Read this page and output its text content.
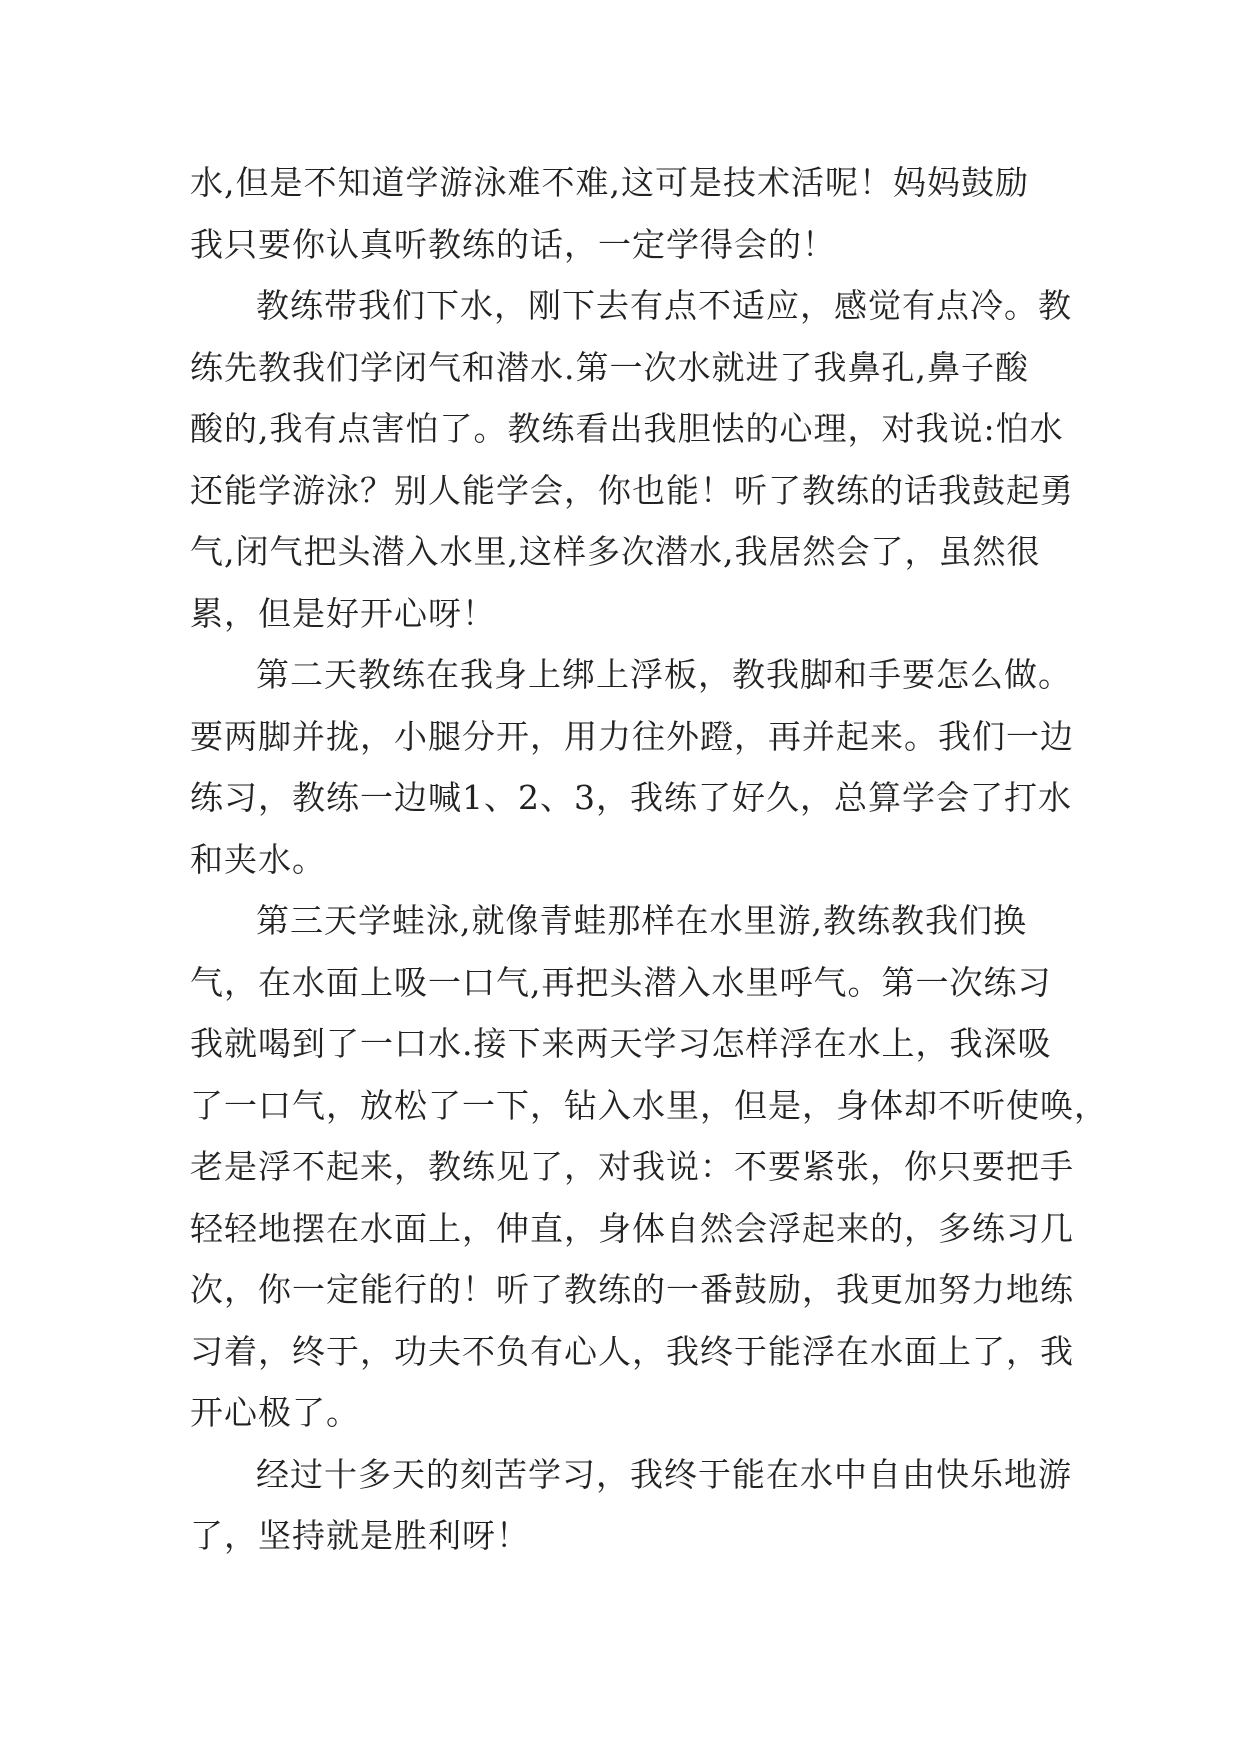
水,但是不知道学游泳难不难,这可是技术活呢！妈妈鼓励
我只要你认真听教练的话，一定学得会的！
教练带我们下水，刚下去有点不适应，感觉有点冷。教
练先教我们学闭气和潜水.第一次水就进了我鼻孔,鼻子酸
酸的,我有点害怕了。教练看出我胆怯的心理，对我说:怕水
还能学游泳？别人能学会，你也能！听了教练的话我鼓起勇
气,闭气把头潜入水里,这样多次潜水,我居然会了，虽然很
累，但是好开心呀！
第二天教练在我身上绑上浮板，教我脚和手要怎么做。
要两脚并拢，小腿分开，用力往外蹬，再并起来。我们一边
练习，教练一边喊1、2、3，我练了好久，总算学会了打水
和夹水。
第三天学蛙泳,就像青蛙那样在水里游,教练教我们换
气，在水面上吸一口气,再把头潜入水里呼气。第一次练习
我就喝到了一口水.接下来两天学习怎样浮在水上，我深吸
了一口气，放松了一下，钻入水里，但是，身体却不听使唤，
老是浮不起来，教练见了，对我说：不要紧张，你只要把手
轻轻地摆在水面上，伸直，身体自然会浮起来的，多练习几
次，你一定能行的！听了教练的一番鼓励，我更加努力地练
习着，终于，功夫不负有心人，我终于能浮在水面上了，我
开心极了。
经过十多天的刻苦学习，我终于能在水中自由快乐地游
了，坚持就是胜利呀！
